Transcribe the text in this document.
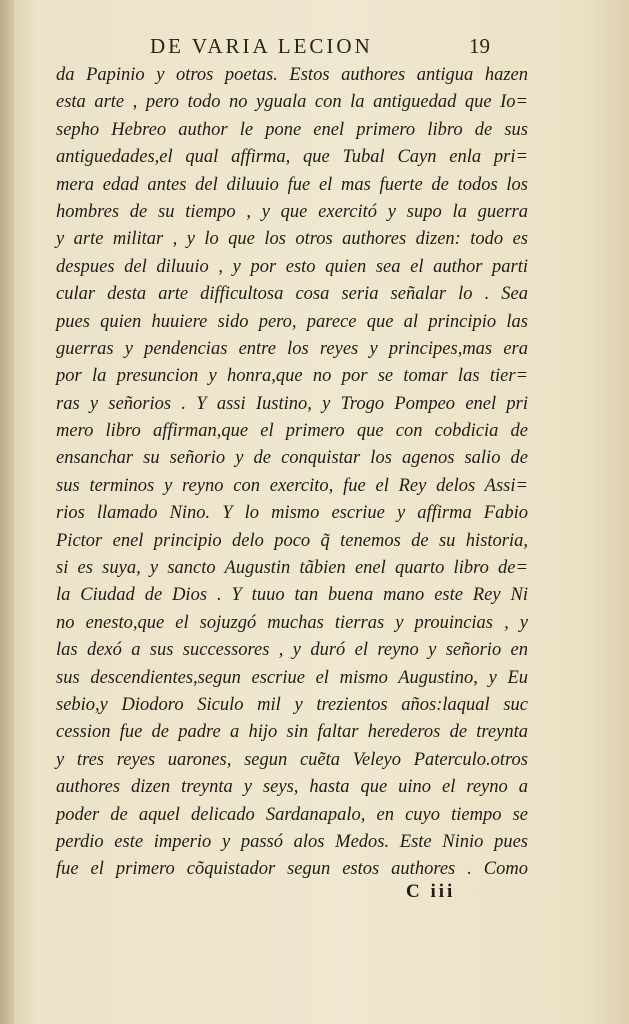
DE VARIA LECION	19
da Papinio y otros poetas. Estos authores antigua hazen
esta arte , pero todo no yguala con la antiguedad que Io=
sepho Hebreo author le pone enel primero libro de sus
antiguedades,el qual affirma, que Tubal Cayn enla pri=
mera edad antes del diluuio fue el mas fuerte de todos los
hombres de su tiempo , y que exercitó y supo la guerra
y arte militar , y lo que los otros authores dizen: todo es
despues del diluuio , y por esto quien sea el author parti
cular desta arte difficultosa cosa seria señalar lo . Sea
pues quien huuiere sido pero, parece que al principio las
guerras y pendencias entre los reyes y principes,mas era
por la presuncion y honra,que no por se tomar las tier=
ras y señorios . Y assi Iustino, y Trogo Pompeo enel pri
mero libro affirman,que el primero que con cobdicia de
ensanchar su señorio y de conquistar los agenos salio de
sus terminos y reyno con exercito, fue el Rey delos Assi=
rios llamado Nino. Y lo mismo escriue y affirma Fabio
Pictor enel principio delo poco q̃ tenemos de su historia,
si es suya, y sancto Augustin tãbien enel quarto libro de=
la Ciudad de Dios . Y tuuo tan buena mano este Rey Ni
no enesto,que el sojuzgó muchas tierras y prouincias , y
las dexó a sus successores , y duró el reyno y señorio en
sus descendientes,segun escriue el mismo Augustino, y Eu
sebio,y Diodoro Siculo mil y trezientos años:laqual suc
cession fue de padre a hijo sin faltar herederos de treynta
y tres reyes uarones, segun cuẽta Veleyo Paterculo.otros
authores dizen treynta y seys, hasta que uino el reyno a
poder de aquel delicado Sardanapalo, en cuyo tiempo se
perdio este imperio y passó alos Medos. Este Ninio pues
fue el primero cõquistador segun estos authores . Como
C iii
